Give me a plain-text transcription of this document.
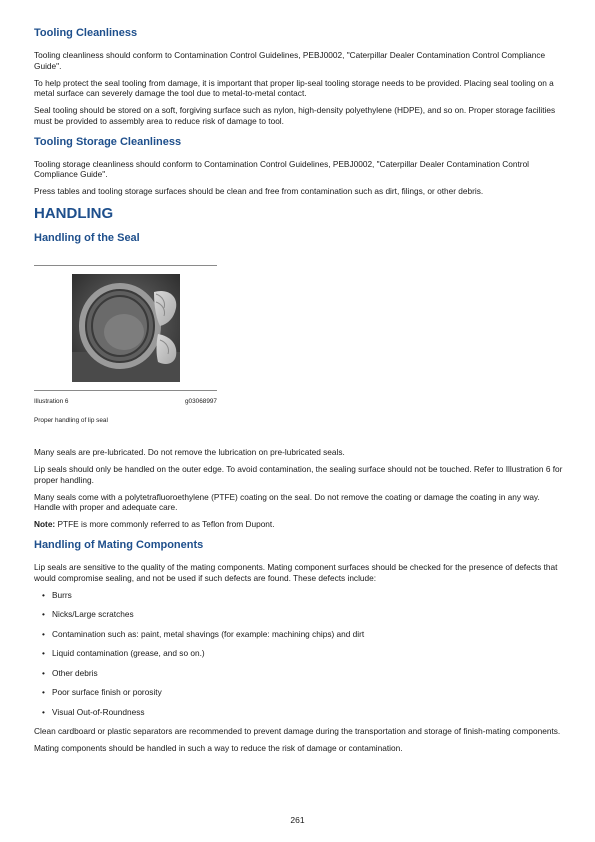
Tooling Cleanliness

Tooling cleanliness should conform to Contamination Control Guidelines, PEBJ0002, "Caterpillar Dealer Contamination Control Compliance Guide".

To help protect the seal tooling from damage, it is important that proper lip-seal tooling storage needs to be provided. Placing seal tooling on a metal surface can severely damage the tool due to metal-to-metal contact.

Seal tooling should be stored on a soft, forgiving surface such as nylon, high-density polyethylene (HDPE), and so on. Proper storage facilities must be provided to assembly area to reduce risk of damage to tool.

Tooling Storage Cleanliness

Tooling storage cleanliness should conform to Contamination Control Guidelines, PEBJ0002, "Caterpillar Dealer Contamination Control Compliance Guide".

Press tables and tooling storage surfaces should be clean and free from contamination such as dirt, filings, or other debris.

HANDLING
Handling of the Seal
Illustration 6	g03068997
Proper handling of lip seal

Many seals are pre-lubricated. Do not remove the lubrication on pre-lubricated seals.

Lip seals should only be handled on the outer edge. To avoid contamination, the sealing surface should not be touched. Refer to Illustration 6 for proper handling.

Many seals come with a polytetrafluoroethylene (PTFE) coating on the seal. Do not remove the coating or damage the coating in any way. Handle with proper and adequate care.

Note: PTFE is more commonly referred to as Teflon from Dupont.

Handling of Mating Components

Lip seals are sensitive to the quality of the mating components. Mating component surfaces should be checked for the presence of defects that would compromise sealing, and not be used if such defects are found. These defects include:

• Burrs
• Nicks/Large scratches
• Contamination such as: paint, metal shavings (for example: machining chips) and dirt
• Liquid contamination (grease, and so on.)
• Other debris
• Poor surface finish or porosity
• Visual Out-of-Roundness

Clean cardboard or plastic separators are recommended to prevent damage during the transportation and storage of finish-mating components.

Mating components should be handled in such a way to reduce the risk of damage or contamination.

261
